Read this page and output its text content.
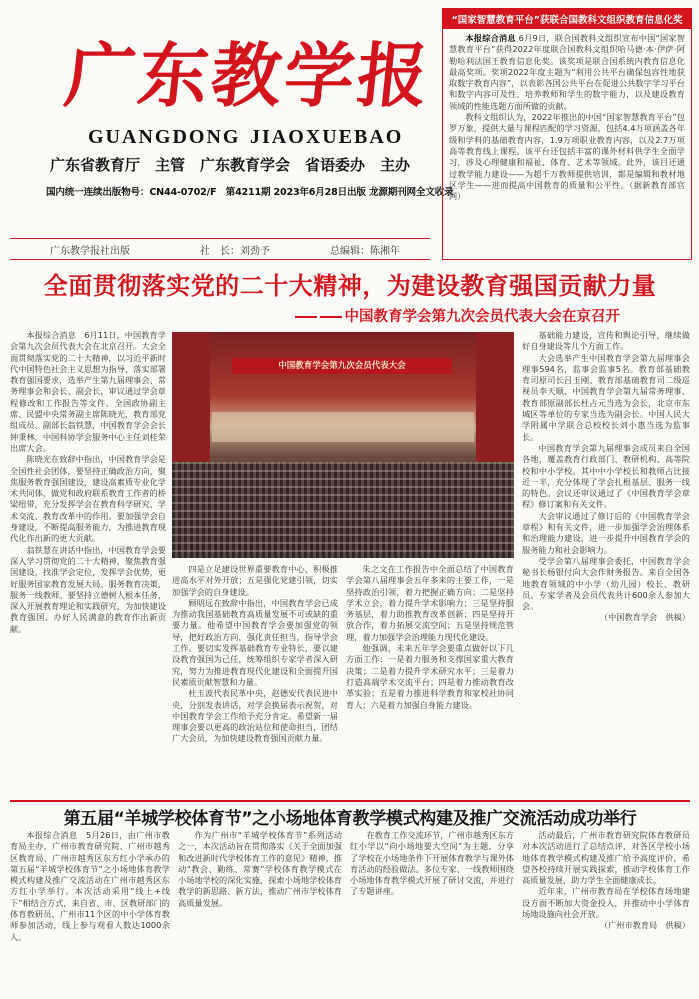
广东教学报
GUANGDONG JIAOXUEBAO
广东省教育厅　主管　广东教育学会　省语委办　主办
国内统一连续出版物号：CN44-0702/F　第4211期 2023年6月28日出版 龙源期刊网全文收录
广东教学报社出版	社　长：刘劲予	总编辑：陈湘年
“国家智慧教育平台”获联合国教科文组织教育信息化奖
本报综合消息 6月9日，联合国教科文组织宣布中国“国家智慧教育平台”获得2022年度联合国教科文组织哈马德·本·伊萨·阿勒哈利法国王教育信息化奖。该奖项是联合国系统内教育信息化最高奖项。奖项2022年度主题为“利用公共平台确保包容性地获取数字教育内容”，以表彰各国公共平台在促进公共数字学习平台和数字内容可及性、培养教师和学生的数字能力，以及建设教育领域的性能选题方面所做的贡献。
教科文组织认为，2022年推出的中国“国家智慧教育平台”包罗万象，提供大量与课程匹配的学习资源，包括4.4万项涵盖各年级和学科的基础教育内容，1.9万项职业教育内容，以及2.7万项高等教育线上课程。该平台还包括丰富的课外材料供学生全面学习，涉及心理健康和福祉、体育、艺术等领域。此外，该目还通过教学能力建设——为超千万教师提供培训，都是编辑和教材地区学生——进而提高中国教育的质量和公平性。（据新教育部官网）
全面贯彻落实党的二十大精神，为建设教育强国贡献力量
中国教育学会第九次会员代表大会在京召开

本报综合消息　6月11日，中国教育学会第九次会员代表大会在北京召开。大会全面贯彻落实党的二十大精神，以习近平新时代中国特色社会主义思想为指导，落实部署教育强国要求，选举产生第九届理事会、常务理事会和会长、副会长，审议通过学会章程修改和工作报告等文件。全国政协副主席、民盟中央常务副主席陈晓光，教育部党组成员、副部长翁铁慧，中国教育学会会长钟秉林，中国科协学会服务中心主任刘桂荣出席大会。

陈晓光在致辞中指出，中国教育学会是全国性社会团体，要坚持正确政治方向，聚焦服务教育强国建设，建设高素质专业化学术共同体，做党和政府联系教育工作者的桥梁纽带，充分发挥学会在教育科学研究、学术交流、教育改革中的作用。要加强学会自身建设，不断提高服务能力，为推进教育现代化作出新的更大贡献。

翁铁慧在讲话中指出，中国教育学会要深入学习贯彻党的二十大精神，聚焦教育强国建设，找准学会定位，发挥学会优势，更好服务国家教育发展大局、服务教育决策、服务一线教师。要坚持立德树人根本任务，深入开展教育理论和实践研究，为加快建设教育强国、办好人民满意的教育作出新贡献。

中国教育学会第九次会员代表大会

四是立足建设世界重要教育中心，积极推进高水平对外开放；五是强化党建引领，切实加强学会的自身建设。

顾明远在致辞中指出，中国教育学会已成为推动我国基础教育高质量发展不可或缺的重要力量。他希望中国教育学会要加强党的领导，把好政治方向，强化责任担当，指导学会工作。要切实发挥基础教育专业特长，要以建设教育强国为己任，统筹组织专家学者深入研究，努力为推进教育现代化建设和全面提升国民素质贡献智慧和力量。

杜玉波代表民革中央，赵德安代表民进中央，分别发表讲话，对学会换届表示祝贺，对中国教育学会工作给予充分肯定。希望新一届理事会要以更高的政治站位和使命担当，团结广大会员，为加快建设教育强国贡献力量。

朱之文在工作报告中全面总结了中国教育学会第八届理事会五年多来的主要工作，一是坚持政治引领，着力把握正确方向；二是坚持学术立会，着力提升学术影响力；三是坚持服务基层，着力助推教育改革创新；四是坚持开放合作，着力拓展交流空间；五是坚持规范管理，着力加强学会治理能力现代化建设。

他强调，未来五年学会要重点做好以下几方面工作：一是着力服务和支撑国家重大教育决策；二是着力提升学术研究水平；三是着力打造高端学术交流平台；四是着力推动教育改革实验；五是着力推进科学教育和家校社协同育人；六是着力加强自身能力建设。

基础能力建设，宣传和舆论引导，继续做好自身建设等几个方面工作。

大会选举产生中国教育学会第九届理事会理事594名，监事会监事5名。教育部基础教育司原司长吕玉刚、教育部基础教育司二级巡视员李天顺、中国教育学会第九届常务理事、教育部原副部长杜占元当选为会长，北京市东城区等单位的专家当选为副会长。中国人民大学附属中学联合总校校长刘小惠当选为监事长。

中国教育学会第九届理事会成员来自全国各地，覆盖教育行政部门、教研机构、高等院校和中小学校。其中中小学校长和教师占比接近一半，充分体现了学会扎根基层、服务一线的特色。会议还审议通过了《中国教育学会章程》修订案和有关文件。

大会审议通过了修订后的《中国教育学会章程》和有关文件，进一步加强学会治理体系和治理能力建设，进一步提升中国教育学会的服务能力和社会影响力。

受学会第八届理事会委托，中国教育学会秘书长杨银付向大会作财务报告。来自全国各地教育领域的中小学（幼儿园）校长、教研员、专家学者及会员代表共计600余人参加大会。

（中国教育学会　供稿）

第五届“羊城学校体育节”之小场地体育教学模式构建及推广交流活动成功举行

本报综合消息　5月26日，由广州市教育局主办，广州市教育研究院、广州市越秀区教育局、广州市越秀区东方红小学承办的第五届“羊城学校体育节”之小场地体育教学模式构建及推广交流活动在广州市越秀区东方红小学举行。本次活动采用“线上+线下”相结合方式，来自省、市、区教研部门的体育教研员、广州市11个区的中小学体育教师参加活动，线上参与观看人数达1000余人。

作为广州市“羊城学校体育节”系列活动之一，本次活动旨在贯彻落实《关于全面加强和改进新时代学校体育工作的意见》精神，推动“教会、勤练、常赛”学校体育教学模式在小场地学校的深化实施，探索小场地学校体育教学的新思路、新方法，推动广州市学校体育高质量发展。

在教育工作交流环节，广州市越秀区东方红小学以“向小场地要大空间”为主题，分享了学校在小场地条件下开展体育教学与课外体育活动的经验做法。多位专家、一线教师围绕小场地体育教学模式开展了研讨交流，并进行了专题讲座。

活动最后，广州市教育研究院体育教研员对本次活动进行了总结点评，对各区学校小场地体育教学模式构建及推广给予高度评价，希望各校持续开展实践探索，推动学校体育工作高质量发展，助力学生全面健康成长。

近年来，广州市教育局在学校体育场地建设方面不断加大资金投入，并推动中小学体育场地设施向社会开放。

（广州市教育局　供稿）
